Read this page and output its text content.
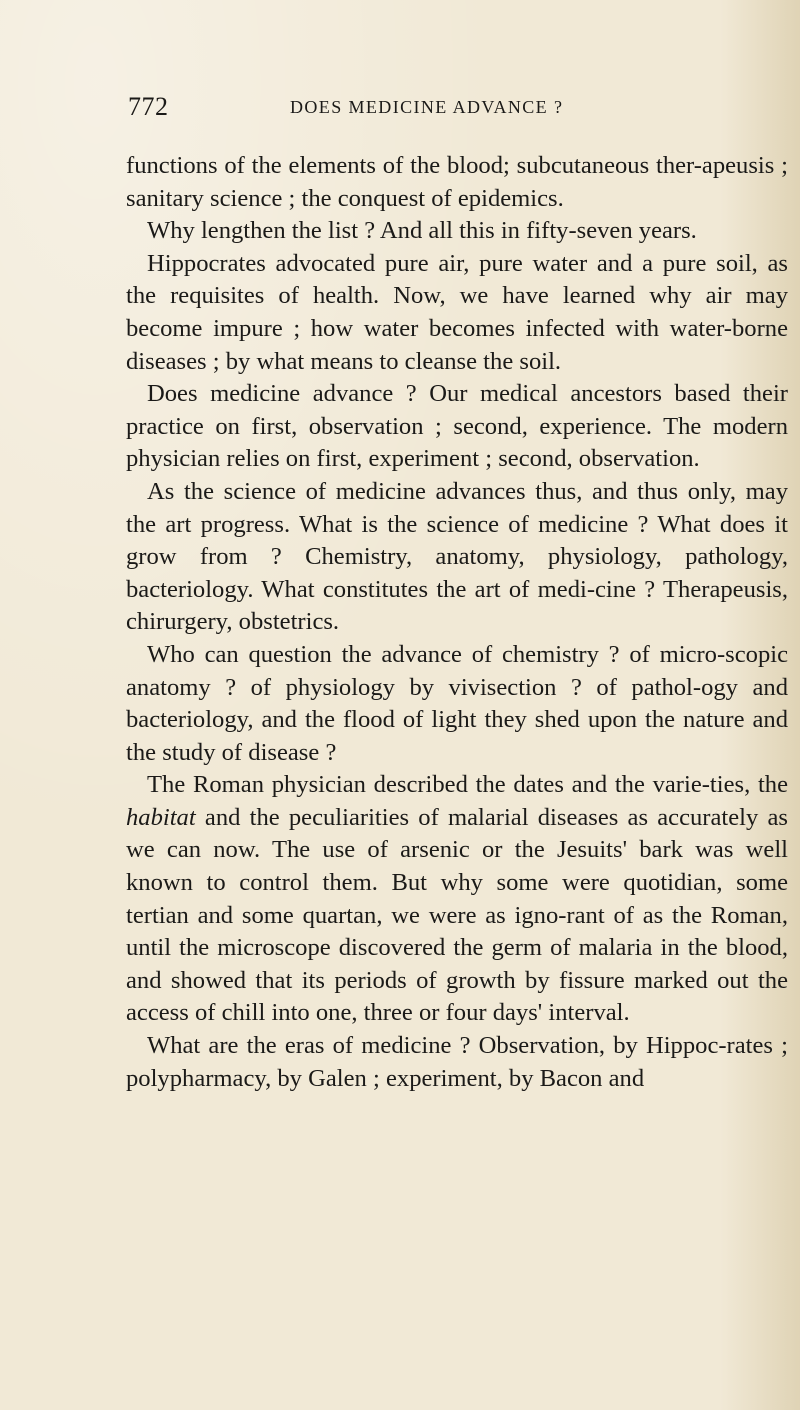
772	DOES MEDICINE ADVANCE ?

functions of the elements of the blood; subcutaneous ther-apeusis ; sanitary science ; the conquest of epidemics.

Why lengthen the list ? And all this in fifty-seven years.

Hippocrates advocated pure air, pure water and a pure soil, as the requisites of health. Now, we have learned why air may become impure ; how water becomes infected with water-borne diseases ; by what means to cleanse the soil.

Does medicine advance ? Our medical ancestors based their practice on first, observation ; second, experience. The modern physician relies on first, experiment ; second, observation.

As the science of medicine advances thus, and thus only, may the art progress. What is the science of medicine ? What does it grow from ? Chemistry, anatomy, physiology, pathology, bacteriology. What constitutes the art of medi-cine ? Therapeusis, chirurgery, obstetrics.

Who can question the advance of chemistry ? of micro-scopic anatomy ? of physiology by vivisection ? of pathol-ogy and bacteriology, and the flood of light they shed upon the nature and the study of disease ?

The Roman physician described the dates and the varie-ties, the habitat and the peculiarities of malarial diseases as accurately as we can now. The use of arsenic or the Jesuits' bark was well known to control them. But why some were quotidian, some tertian and some quartan, we were as igno-rant of as the Roman, until the microscope discovered the germ of malaria in the blood, and showed that its periods of growth by fissure marked out the access of chill into one, three or four days' interval.

What are the eras of medicine ? Observation, by Hippoc-rates ; polypharmacy, by Galen ; experiment, by Bacon and
